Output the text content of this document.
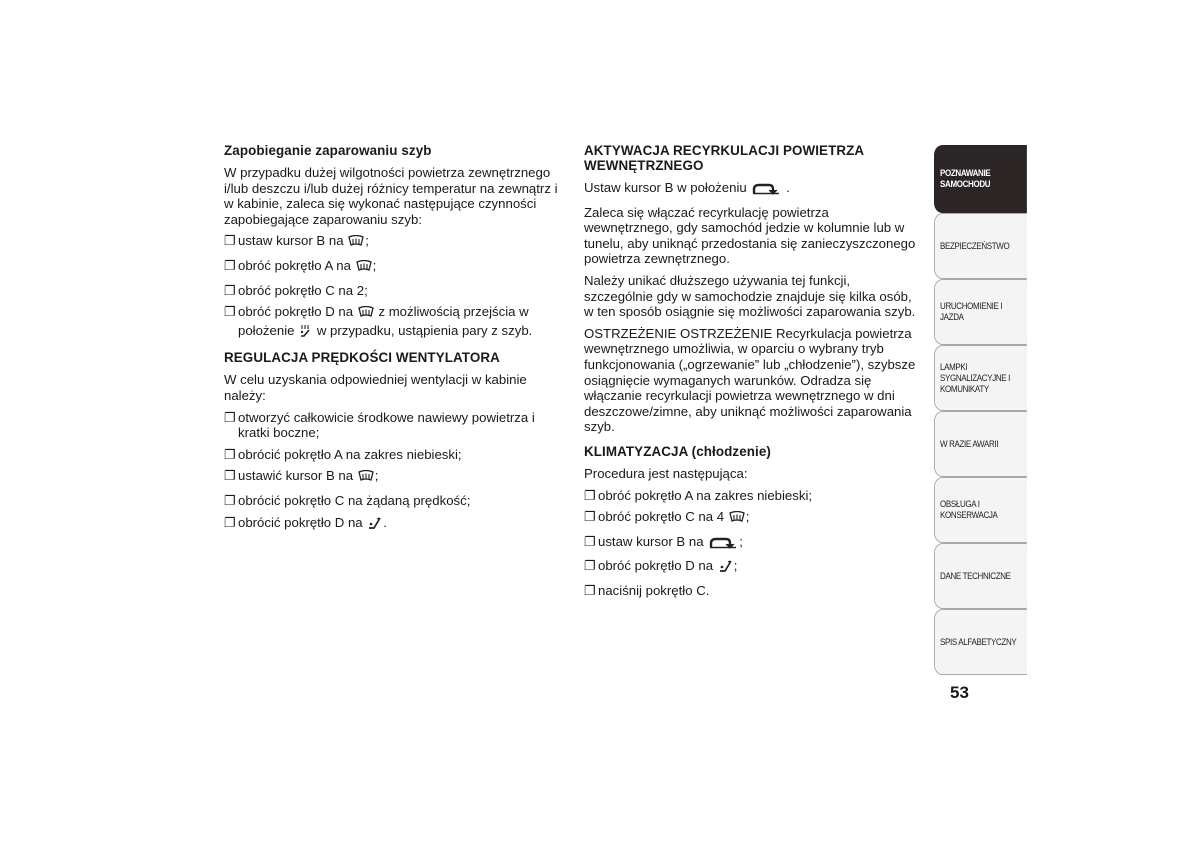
Zapobieganie zaparowaniu szyb

W przypadku dużej wilgotności powietrza zewnętrznego i/lub deszczu i/lub dużej różnicy temperatur na zewnątrz i w kabinie, zaleca się wykonać następujące czynności zapobiegające zaparowaniu szyb:

❐ ustaw kursor B na ;
❐ obróć pokrętło A na ;
❐ obróć pokrętło C na 2;
❐ obróć pokrętło D na z możliwością przejścia w położenie w przypadku, ustąpienia pary z szyb.
REGULACJA PRĘDKOŚCI WENTYLATORA

W celu uzyskania odpowiedniej wentylacji w kabinie należy:

❐ otworzyć całkowicie środkowe nawiewy powietrza i kratki boczne;
❐ obrócić pokrętło A na zakres niebieski;
❐ ustawić kursor B na ;
❐ obrócić pokrętło C na żądaną prędkość;
❐ obrócić pokrętło D na .
AKTYWACJA RECYRKULACJI POWIETRZA WEWNĘTRZNEGO

Ustaw kursor B w położeniu	.

Zaleca się włączać recyrkulację powietrza wewnętrznego, gdy samochód jedzie w kolumnie lub w tunelu, aby uniknąć przedostania się zanieczyszczonego powietrza zewnętrznego.

Należy unikać dłuższego używania tej funkcji, szczególnie gdy w samochodzie znajduje się kilka osób, w ten sposób osiągnie się możliwości zaparowania szyb.

OSTRZEŻENIE OSTRZEŻENIE Recyrkulacja powietrza wewnętrznego umożliwia, w oparciu o wybrany tryb funkcjonowania („ogrzewanie” lub „chłodzenie”), szybsze osiągnięcie wymaganych warunków. Odradza się włączanie recyrkulacji powietrza wewnętrznego w dni deszczowe/zimne, aby uniknąć możliwości zaparowania szyb.

KLIMATYZACJA (chłodzenie)

Procedura jest następująca:

❐ obróć pokrętło A na zakres niebieski;
❐ obróć pokrętło C na 4 ;
❐ ustaw kursor B na	;
❐ obróć pokrętło D na ;
❐ naciśnij pokrętło C.
POZNAWANIE SAMOCHODU
BEZPIECZEŃSTWO
URUCHOMIENIE I JAZDA
LAMPKI SYGNALIZACYJNE I KOMUNIKATY
W RAZIE AWARII
OBSŁUGA I KONSERWACJA
DANE TECHNICZNE
SPIS ALFABETYCZNY
53
